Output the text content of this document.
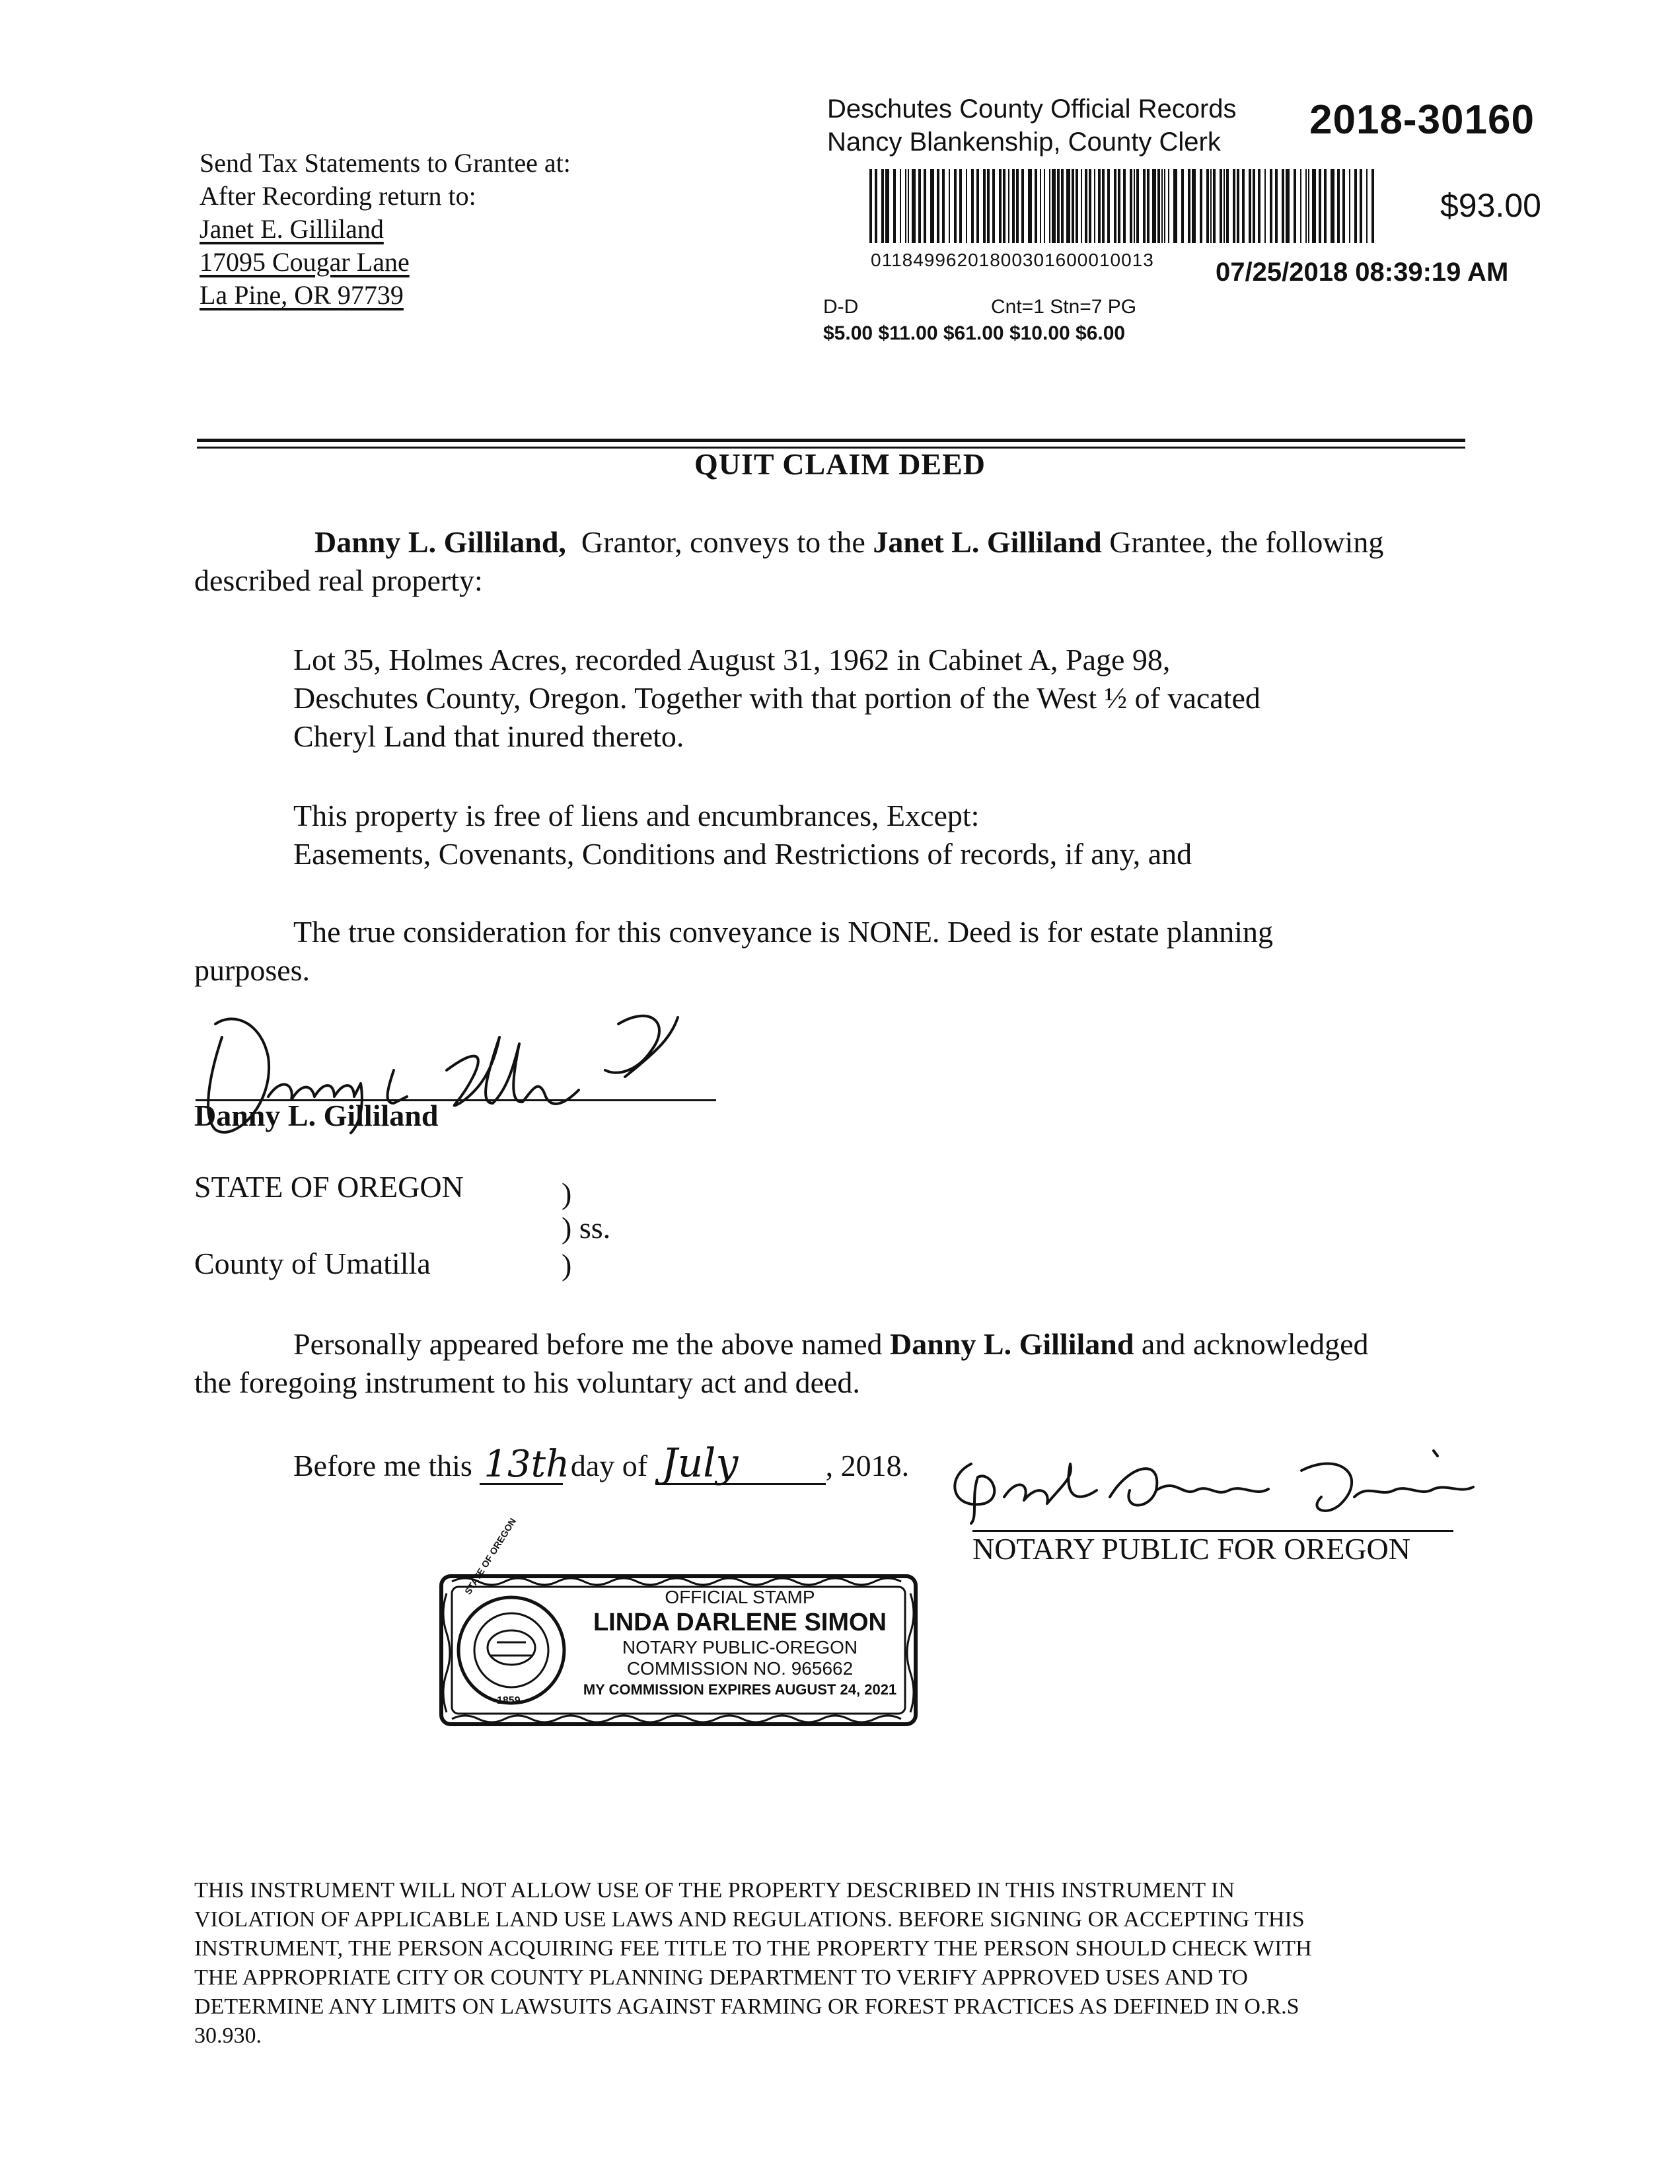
Send Tax Statements to Grantee at:
After Recording return to:
Janet E. Gilliland
17095 Cougar Lane
La Pine, OR 97739
Deschutes County Official Records
Nancy Blankenship, County Clerk	2018-30160
$93.00
01184996201800301600010013 07/25/2018 08:39:19 AM
D-D	Cnt=1 Stn=7 PG
$5.00 $11.00 $61.00 $10.00 $6.00
QUIT CLAIM DEED
Danny L. Gilliland, Grantor, conveys to the Janet L. Gilliland Grantee, the following
described real property:
Lot 35, Holmes Acres, recorded August 31, 1962 in Cabinet A, Page 98,
Deschutes County, Oregon. Together with that portion of the West ½ of vacated
Cheryl Land that inured thereto.
This property is free of liens and encumbrances, Except:
Easements, Covenants, Conditions and Restrictions of records, if any, and
The true consideration for this conveyance is NONE. Deed is for estate planning
purposes.
Danny L. Gilliland
STATE OF OREGON	)
) ss.
)
County of Umatilla
Personally appeared before me the above named Danny L. Gilliland and acknowledged
the foregoing instrument to his voluntary act and deed.
Before me this 13th day of July	, 2018.
NOTARY PUBLIC FOR OREGON
STATE OF OREGON
1859
OFFICIAL STAMP
LINDA DARLENE SIMON
NOTARY PUBLIC-OREGON
COMMISSION NO. 965662
MY COMMISSION EXPIRES AUGUST 24, 2021
THIS INSTRUMENT WILL NOT ALLOW USE OF THE PROPERTY DESCRIBED IN THIS INSTRUMENT IN
VIOLATION OF APPLICABLE LAND USE LAWS AND REGULATIONS. BEFORE SIGNING OR ACCEPTING THIS
INSTRUMENT, THE PERSON ACQUIRING FEE TITLE TO THE PROPERTY THE PERSON SHOULD CHECK WITH
THE APPROPRIATE CITY OR COUNTY PLANNING DEPARTMENT TO VERIFY APPROVED USES AND TO
DETERMINE ANY LIMITS ON LAWSUITS AGAINST FARMING OR FOREST PRACTICES AS DEFINED IN O.R.S
30.930.
